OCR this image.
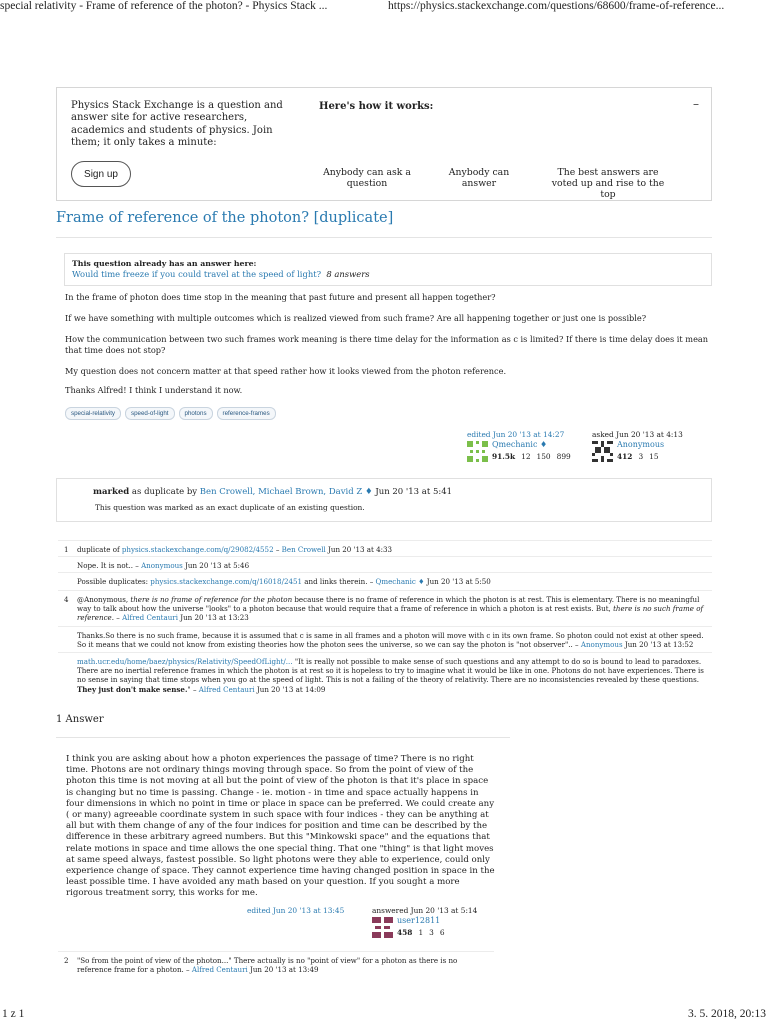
special relativity - Frame of reference of the photon? - Physics Stack ...	https://physics.stackexchange.com/questions/68600/frame-of-reference...
Physics Stack Exchange is a question and answer site for active researchers, academics and students of physics. Join them; it only takes a minute:
Here's how it works:	–
Sign up	Anybody can ask a question
Anybody can answer
The best answers are voted up and rise to the top
Frame of reference of the photon? [duplicate]
This question already has an answer here:
Would time freeze if you could travel at the speed of light? 8 answers
In the frame of photon does time stop in the meaning that past future and present all happen together?
If we have something with multiple outcomes which is realized viewed from such frame? Are all happening together or just one is possible?
How the communication between two such frames work meaning is there time delay for the information as c is limited? If there is time delay does it mean that time does not stop?
My question does not concern matter at that speed rather how it looks viewed from the photon reference.
Thanks Alfred! I think I understand it now.
special-relativity	speed-of-light	photons	reference-frames
edited Jun 20 '13 at 14:27
Qmechanic ♦
91.5k 12 150 899
asked Jun 20 '13 at 4:13
Anonymous
412 3 15
marked as duplicate by Ben Crowell, Michael Brown, David Z ♦ Jun 20 '13 at 5:41
This question was marked as an exact duplicate of an existing question.
1 duplicate of physics.stackexchange.com/q/29082/4552 – Ben Crowell Jun 20 '13 at 4:33
Nope. It is not.. – Anonymous Jun 20 '13 at 5:46
Possible duplicates: physics.stackexchange.com/q/16018/2451 and links therein. – Qmechanic ♦ Jun 20 '13 at 5:50
4 @Anonymous, there is no frame of reference for the photon because there is no frame of reference in which the photon is at rest. This is elementary. There is no meaningful way to talk about how the universe "looks" to a photon because that would require that a frame of reference in which a photon is at rest exists. But, there is no such frame of reference. – Alfred Centauri Jun 20 '13 at 13:23
Thanks.So there is no such frame, because it is assumed that c is same in all frames and a photon will move with c in its own frame. So photon could not exist at other speed. So it means that we could not know from existing theories how the photon sees the universe, so we can say the photon is "not observer".. – Anonymous Jun 20 '13 at 13:52
math.ucr.edu/home/baez/physics/Relativity/SpeedOfLight/... "It is really not possible to make sense of such questions and any attempt to do so is bound to lead to paradoxes. There are no inertial reference frames in which the photon is at rest so it is hopeless to try to imagine what it would be like in one. Photons do not have experiences. There is no sense in saying that time stops when you go at the speed of light. This is not a failing of the theory of relativity. There are no inconsistencies revealed by these questions. They just don't make sense." – Alfred Centauri Jun 20 '13 at 14:09
1 Answer
I think you are asking about how a photon experiences the passage of time? There is no right time. Photons are not ordinary things moving through space. So from the point of view of the photon this time is not moving at all but the point of view of the photon is that it's place in space is changing but no time is passing. Change - ie. motion - in time and space actually happens in four dimensions in which no point in time or place in space can be preferred. We could create any ( or many) agreeable coordinate system in such space with four indices - they can be anything at all but with them change of any of the four indices for position and time can be described by the difference in these arbitrary agreed numbers. But this "Minkowski space" and the equations that relate motions in space and time allows the one special thing. That one "thing" is that light moves at same speed always, fastest possible. So light photons were they able to experience, could only experience change of space. They cannot experience time having changed position in space in the least possible time. I have avoided any math based on your question. If you sought a more rigorous treatment sorry, this works for me.
edited Jun 20 '13 at 13:45	answered Jun 20 '13 at 5:14
user12811
458 1 3 6
2 "So from the point of view of the photon..." There actually is no "point of view" for a photon as there is no reference frame for a photon. – Alfred Centauri Jun 20 '13 at 13:49
1 z 1	3. 5. 2018, 20:13
